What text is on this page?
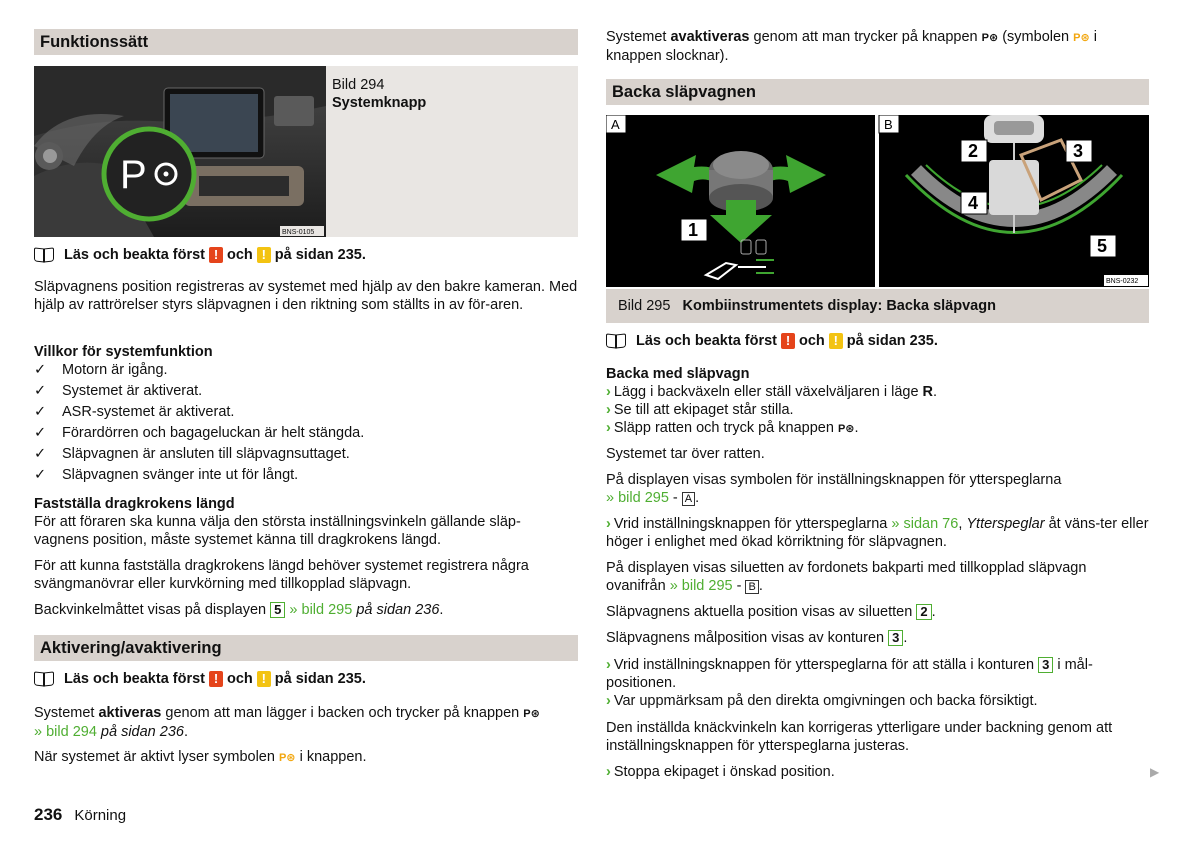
Funktionssätt
P
BNS-0105
Bild 294
Systemknapp
Läs och beakta först ! och ! på sidan 235.
Släpvagnens position registreras av systemet med hjälp av den bakre kameran. Med hjälp av rattrörelser styrs släpvagnen i den riktning som ställts in av för-aren.
Villkor för systemfunktion
✓ Motorn är igång.
✓ Systemet är aktiverat.
✓ ASR-systemet är aktiverat.
✓ Förardörren och bagageluckan är helt stängda.
✓ Släpvagnen är ansluten till släpvagnsuttaget.
✓ Släpvagnen svänger inte ut för långt.
Fastställa dragkrokens längd
För att föraren ska kunna välja den största inställningsvinkeln gällande släp-vagnens position, måste systemet känna till dragkrokens längd.
För att kunna fastställa dragkrokens längd behöver systemet registrera några svängmanövrar eller kurvkörning med tillkopplad släpvagn.
Backvinkelmåttet visas på displayen 5 » bild 295 på sidan 236.
Aktivering/avaktivering
Läs och beakta först ! och ! på sidan 235.
Systemet aktiveras genom att man lägger i backen och trycker på knappen P⊛
» bild 294 på sidan 236.
När systemet är aktivt lyser symbolen P⊛ i knappen.
236 Körning
Systemet avaktiveras genom att man trycker på knappen P⊛ (symbolen P⊛ i
knappen slocknar).
Backa släpvagnen
A	B
1
2	3
4
5
BNS-0232
Bild 295 Kombiinstrumentets display: Backa släpvagn
Läs och beakta först ! och ! på sidan 235.
Backa med släpvagn
› Lägg i backväxeln eller ställ växelväljaren i läge R.
› Se till att ekipaget står stilla.
› Släpp ratten och tryck på knappen P⊛.
Systemet tar över ratten.
På displayen visas symbolen för inställningsknappen för ytterspeglarna
» bild 295 - A .
› Vrid inställningsknappen för ytterspeglarna » sidan 76, Ytterspeglar åt väns-ter eller höger i enlighet med ökad körriktning för släpvagnen.
På displayen visas siluetten av fordonets bakparti med tillkopplad släpvagn ovanifrån » bild 295 - B .
Släpvagnens aktuella position visas av siluetten 2 .
Släpvagnens målposition visas av konturen 3 .
› Vrid inställningsknappen för ytterspeglarna för att ställa i konturen 3 i mål-positionen.
› Var uppmärksam på den direkta omgivningen och backa försiktigt.
Den inställda knäckvinkeln kan korrigeras ytterligare under backning genom att inställningsknappen för ytterspeglarna justeras.
› Stoppa ekipaget i önskad position.	▶
